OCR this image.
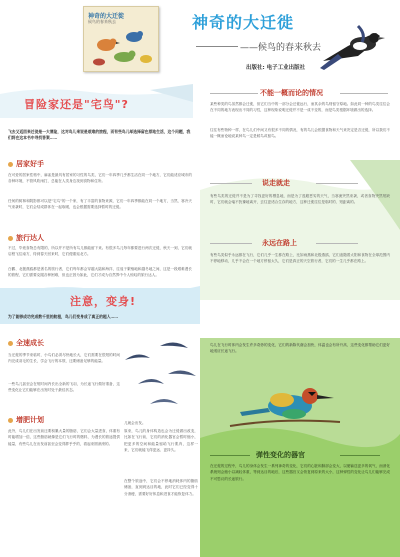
神奇的大迁徙
候鸟的春来秋去	神奇的大迁徙
——候鸟的春来秋去
出版社: 电子工业出版社
冒险家还是"宅鸟"?
飞去又返回来迁徙是一大冒险，这对鸟儿来说是艰难的旅程，而有些鸟儿却选择留在原地生活，这个问题，我们将在这本书中寻找答案……
居家好手
在可爱的居家性格中，麻雀是最具有居家的习性的鸟类，它们一年四季几乎都生活在同一个地方，它们能适应城市的各种环境，不管风吹雨打，总能在人类身边找到食物和住所。
任何的树林和阴影都可以是"宅鸟"的一个家，有了丰富的食物来源，它们一年四季都能在同一个地方，当然，寒冷天气来袭时，它们会结成群体在一起取暖，也会根据需要选择暂时的迁徙。
旅行达人
不过，毕竟食物总有限的，所以并不是所有鸟儿都能留下来。有很多鸟儿每年都要进行两次迁徙，秋天一到，它们就启程飞往南方，待到春天回来时，它们便重返北方。
白鹳、北极燕鸥都是著名的旅行者，它们每年都会穿越大陆和海洋，往返于繁殖地和越冬地之间，这是一段艰难漫长的旅程，它们需要克服各种困难，但也正因为如此，它们才成为自然界中令人惊叹的旅行达人。
不能一概而论的情况
某些种类的鸟虽然都会迁徙，但它们当中的一部分会迁徙远行，而其余的鸟则留守原地。如此同一种的鸟类往往会在不同的地方表现出不同的习性，这种现象说明迁徙并不是一成不变的，而是鸟类根据环境做出的选择。
往往有些物种一样，在鸟儿们中间又有很多不同的情况，有的鸟儿会根据食物和天气来决定是否迁徙，所以我们不能一概而论地说某种鸟一定是候鸟或留鸟。
说走就走
有些鸟类的迁徙并不是为了寻找更好的栖息地，而是为了逃避恶劣的天气，当寒流突然来袭，或者食物突然短缺时，它们就会毫不犹豫地离开，去往更适合生存的地方，这种迁徙往往是临时的、短距离的。
永远在路上
有些鸟类似乎永远都在飞行，它们几乎一生都在路上，比如雨燕和北极燕鸥，它们追随着太阳和食物在全球范围内不停地移动，几乎不会在一个地方停留太久，它们是真正的天空旅行者，它们的一生几乎都在路上。
注意，变身!
为了能够成功完成数千里的航程，鸟儿们变身成了真正的超人……
全速成长
当迁徙的季节来临时，小鸟们必须尽快地长大，它们需要在很短的时间内完成羽毛的生长，学会飞行的本领，还要储备足够的能量。
一些鸟儿甚至会在短时间内长出全新的飞羽，为长途飞行做好准备，这些变化让它们能够在出发时处于最佳状态。
增肥计划
此外，鸟儿们在出发前还要积累大量的脂肪，它们会大量进食，体重有时能增加一倍，这些脂肪就像是它们飞行时的燃料，为漫长的旅途提供能量，有些鸟儿在出发前甚至会变得胖乎乎的，看起来圆滚滚的。
儿就会出发。
原来，鸟儿的身体构造也会为迁徙做出改变，比如在飞行前，它们的消化器官会暂时缩小，把更多的空间和能量留给飞行肌肉，这样一来，它们就能飞得更远、更持久。
在整个旅途中，它们会不停地消耗体内的脂肪储备，直到到达目的地，此时它们已经变得十分消瘦，需要好好休息和进食才能恢复体力。
鸟儿在飞行时体内会发生许多奇妙的变化，它们的新陈代谢会加快，体温也会有所升高，这些变化都帮助它们更好地适应长途飞行。
弹性变化的器官
在迁徙的过程中，鸟儿的身体会发生一系列神奇的变化，它们的心脏和肺部会变大，以便输送更多的氧气，而消化系统则会缩小以减轻体重，等到达目的地后，这些器官又会恢复到原来的大小，这种弹性的变化让鸟儿们能够完成不可思议的长途旅行。
